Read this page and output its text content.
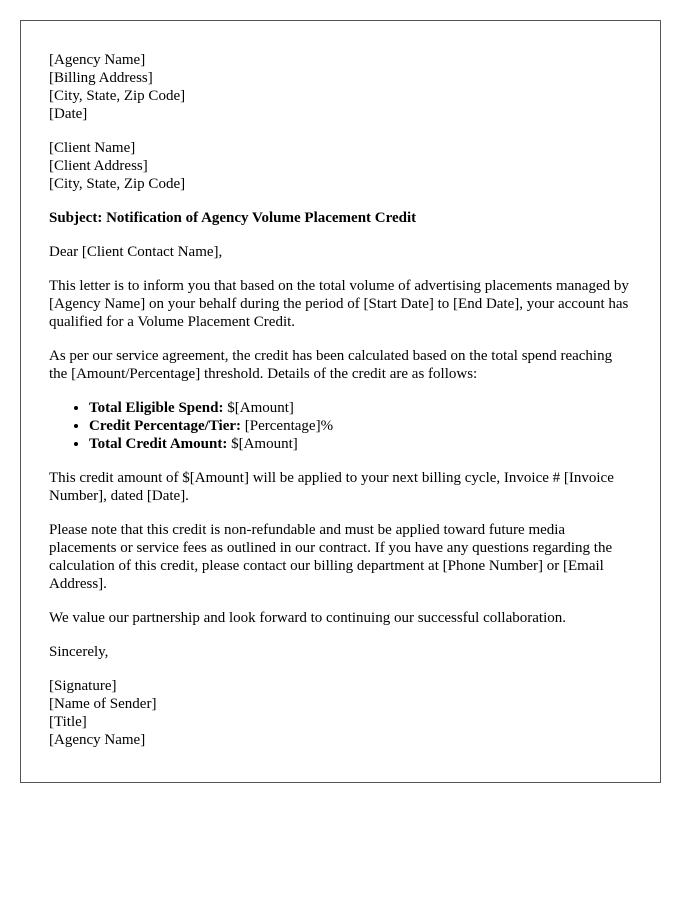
[Agency Name]
[Billing Address]
[City, State, Zip Code]
[Date]
[Client Name]
[Client Address]
[City, State, Zip Code]

Subject: Notification of Agency Volume Placement Credit

Dear [Client Contact Name],

This letter is to inform you that based on the total volume of advertising placements managed by [Agency Name] on your behalf during the period of [Start Date] to [End Date], your account has qualified for a Volume Placement Credit.

As per our service agreement, the credit has been calculated based on the total spend reaching the [Amount/Percentage] threshold. Details of the credit are as follows:

• Total Eligible Spend: $[Amount]
• Credit Percentage/Tier: [Percentage]%
• Total Credit Amount: $[Amount]

This credit amount of $[Amount] will be applied to your next billing cycle, Invoice # [Invoice Number], dated [Date].

Please note that this credit is non-refundable and must be applied toward future media placements or service fees as outlined in our contract. If you have any questions regarding the calculation of this credit, please contact our billing department at [Phone Number] or [Email Address].

We value our partnership and look forward to continuing our successful collaboration.

Sincerely,

[Signature]
[Name of Sender]
[Title]
[Agency Name]
